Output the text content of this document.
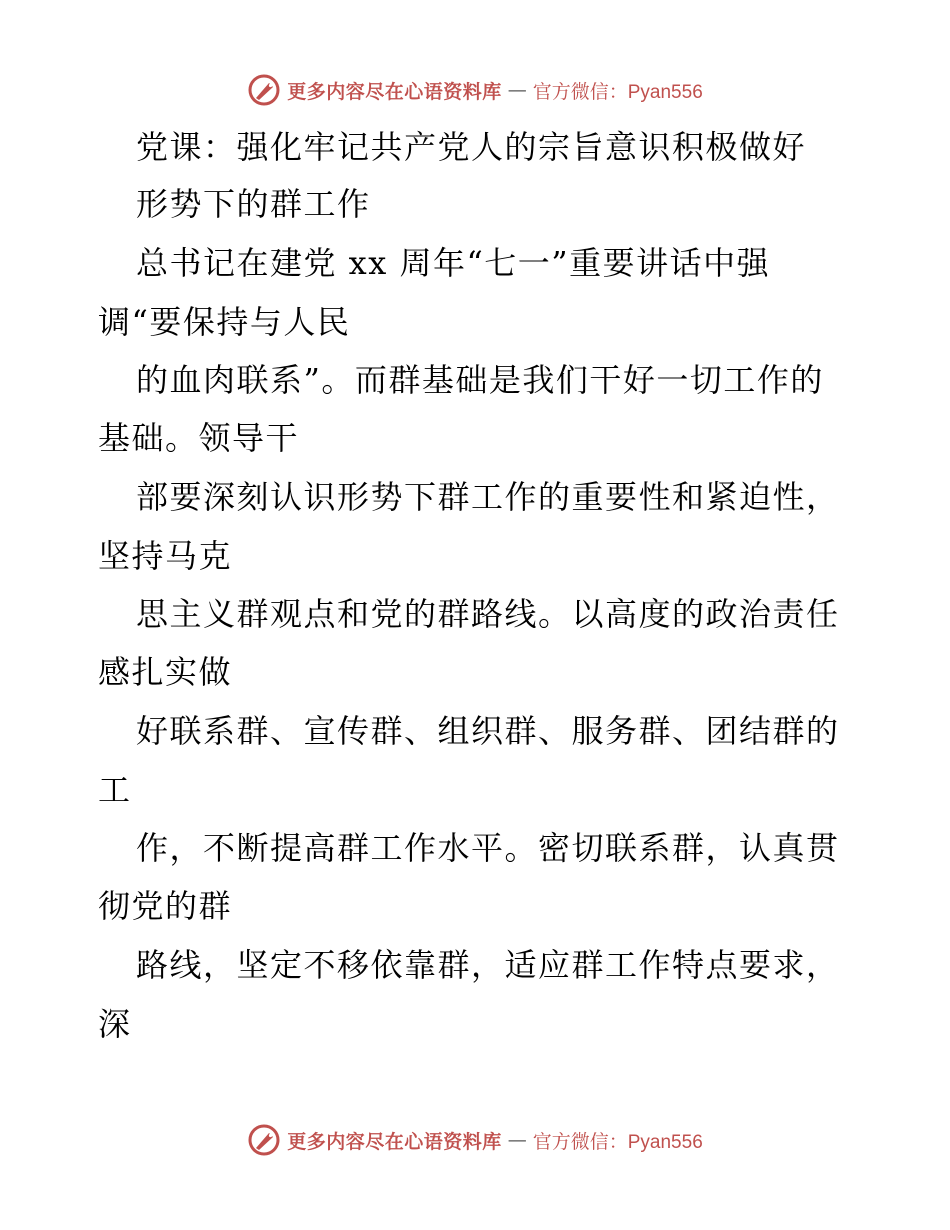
更多内容尽在心语资料库 — 官方微信：Pyan556
党课：强化牢记共产党人的宗旨意识积极做好
形势下的群工作
总书记在建党 xx 周年“七一”重要讲话中强
调“要保持与人民
的血肉联系”。而群基础是我们干好一切工作的
基础。领导干
部要深刻认识形势下群工作的重要性和紧迫性，
坚持马克
思主义群观点和党的群路线。以高度的政治责任
感扎实做
好联系群、宣传群、组织群、服务群、团结群的
工
作，不断提高群工作水平。密切联系群，认真贯
彻党的群
路线，坚定不移依靠群，适应群工作特点要求，
深
更多内容尽在心语资料库 — 官方微信：Pyan556
